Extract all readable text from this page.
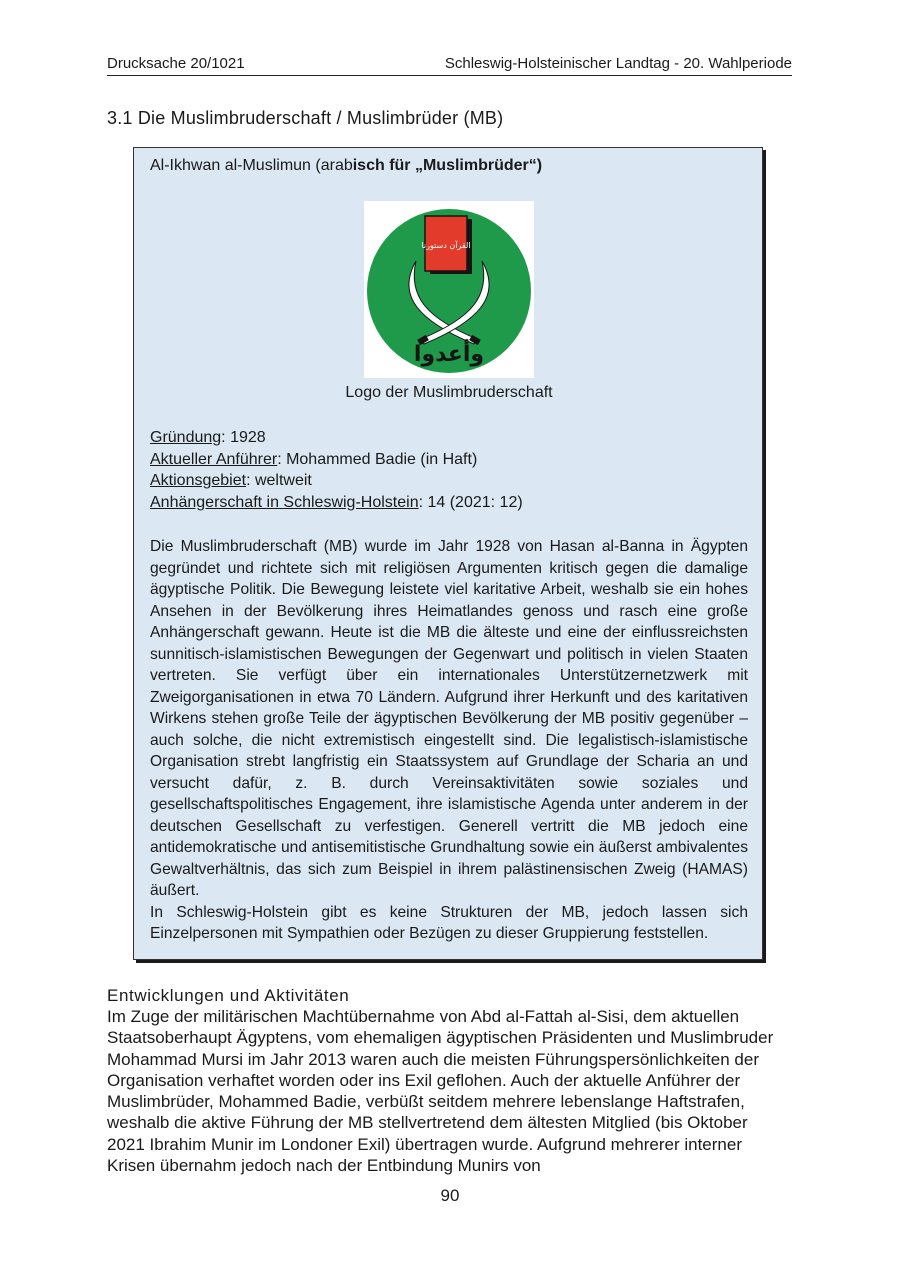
Drucksache 20/1021	Schleswig-Holsteinischer Landtag - 20. Wahlperiode
3.1 Die Muslimbruderschaft / Muslimbrüder (MB)
Al-Ikhwan al-Muslimun (arabisch für „Muslimbrüder“)
القرآن دستورنا
وأعدوا
Logo der Muslimbruderschaft
Gründung: 1928
Aktueller Anführer: Mohammed Badie (in Haft)
Aktionsgebiet: weltweit
Anhängerschaft in Schleswig-Holstein: 14 (2021: 12)

Die Muslimbruderschaft (MB) wurde im Jahr 1928 von Hasan al-Banna in Ägypten gegründet und richtete sich mit religiösen Argumenten kritisch gegen die damalige ägyptische Politik. Die Bewegung leistete viel karitative Arbeit, weshalb sie ein hohes Ansehen in der Bevölkerung ihres Heimatlandes genoss und rasch eine große Anhängerschaft gewann. Heute ist die MB die älteste und eine der einflussreichsten sunnitisch-islamistischen Bewegungen der Gegenwart und politisch in vielen Staaten vertreten. Sie verfügt über ein internationales Unterstützernetzwerk mit Zweigorganisationen in etwa 70 Ländern. Aufgrund ihrer Herkunft und des karitativen Wirkens stehen große Teile der ägyptischen Bevölkerung der MB positiv gegenüber – auch solche, die nicht extremistisch eingestellt sind. Die legalistisch-islamistische Organisation strebt langfristig ein Staatssystem auf Grundlage der Scharia an und versucht dafür, z. B. durch Vereinsaktivitäten sowie soziales und gesellschaftspolitisches Engagement, ihre islamistische Agenda unter anderem in der deutschen Gesellschaft zu verfestigen. Generell vertritt die MB jedoch eine antidemokratische und antisemitistische Grundhaltung sowie ein äußerst ambivalentes Gewaltverhältnis, das sich zum Beispiel in ihrem palästinensischen Zweig (HAMAS) äußert.

In Schleswig-Holstein gibt es keine Strukturen der MB, jedoch lassen sich Einzelpersonen mit Sympathien oder Bezügen zu dieser Gruppierung feststellen.

Entwicklungen und Aktivitäten

Im Zuge der militärischen Machtübernahme von Abd al-Fattah al-Sisi, dem aktuellen Staatsoberhaupt Ägyptens, vom ehemaligen ägyptischen Präsidenten und Muslimbruder Mohammad Mursi im Jahr 2013 waren auch die meisten Führungspersönlichkeiten der Organisation verhaftet worden oder ins Exil geflohen. Auch der aktuelle Anführer der Muslimbrüder, Mohammed Badie, verbüßt seitdem mehrere lebenslange Haftstrafen, weshalb die aktive Führung der MB stellvertretend dem ältesten Mitglied (bis Oktober 2021 Ibrahim Munir im Londoner Exil) übertragen wurde. Aufgrund mehrerer interner Krisen übernahm jedoch nach der Entbindung Munirs von

90
